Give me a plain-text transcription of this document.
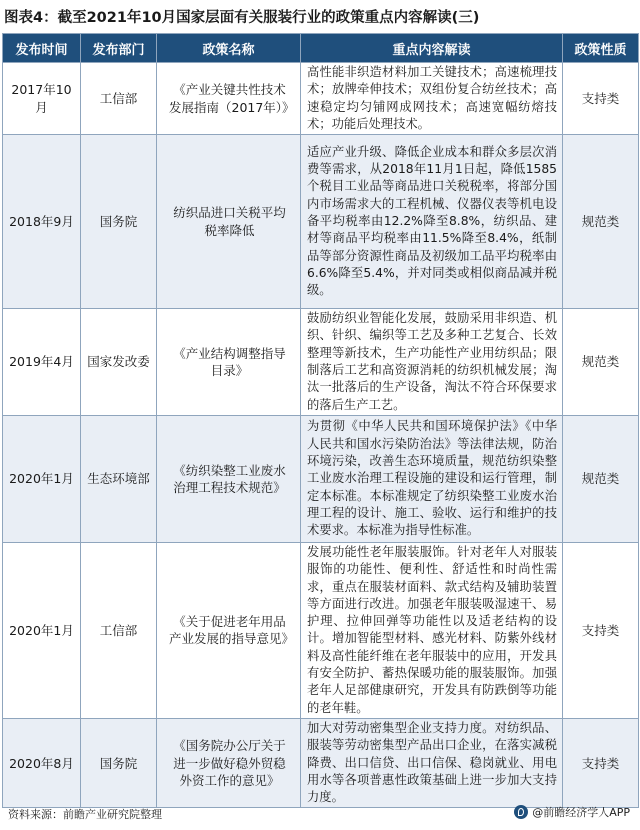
图表4：截至2021年10月国家层面有关服装行业的政策重点内容解读(三)
发布时间	发布部门	政策名称	重点内容解读	政策性质
2017年10月	工信部	《产业关键共性技术发展指南（2017年）》	高性能非织造材料加工关键技术；高速梳理技术；放牌牵伸技术；双组份复合纺丝技术；高速稳定均匀铺网成网技术；高速宽幅纺熔技术；功能后处理技术。	支持类
2018年9月	国务院	纺织品进口关税平均税率降低	适应产业升级、降低企业成本和群众多层次消费等需求，从2018年11月1日起，降低1585个税目工业品等商品进口关税税率，将部分国内市场需求大的工程机械、仪器仪表等机电设备平均税率由12.2%降至8.8%，纺织品、建材等商品平均税率由11.5%降至8.4%，纸制品等部分资源性商品及初级加工品平均税率由6.6%降至5.4%，并对同类或相似商品减并税级。	规范类
2019年4月	国家发改委	《产业结构调整指导目录》	鼓励纺织业智能化发展，鼓励采用非织造、机织、针织、编织等工艺及多种工艺复合、长效整理等新技术，生产功能性产业用纺织品；限制落后工艺和高资源消耗的纺织机械发展；淘汰一批落后的生产设备，淘汰不符合环保要求的落后生产工艺。	规范类
2020年1月	生态环境部	《纺织染整工业废水治理工程技术规范》	为贯彻《中华人民共和国环境保护法》《中华人民共和国水污染防治法》等法律法规，防治环境污染，改善生态环境质量，规范纺织染整工业废水治理工程设施的建设和运行管理，制定本标准。本标准规定了纺织染整工业废水治理工程的设计、施工、验收、运行和维护的技术要求。本标准为指导性标准。	规范类
2020年1月	工信部	《关于促进老年用品产业发展的指导意见》	发展功能性老年服装服饰。针对老年人对服装服饰的功能性、便利性、舒适性和时尚性需求，重点在服装材面料、款式结构及辅助装置等方面进行改进。加强老年服装吸湿速干、易护理、拉伸回弹等功能性以及适老结构的设计。增加智能型材料、感光材料、防紫外线材料及高性能纤维在老年服装中的应用，开发具有安全防护、蓄热保暖功能的服装服饰。加强老年人足部健康研究，开发具有防跌倒等功能的老年鞋。	支持类
2020年8月	国务院	《国务院办公厅关于进一步做好稳外贸稳外资工作的意见》	加大对劳动密集型企业支持力度。对纺织品、服装等劳动密集型产品出口企业，在落实减税降费、出口信贷、出口信保、稳岗就业、用电用水等各项普惠性政策基础上进一步加大支持力度。	支持类
资料来源：前瞻产业研究院整理	@前瞻经济学人APP
